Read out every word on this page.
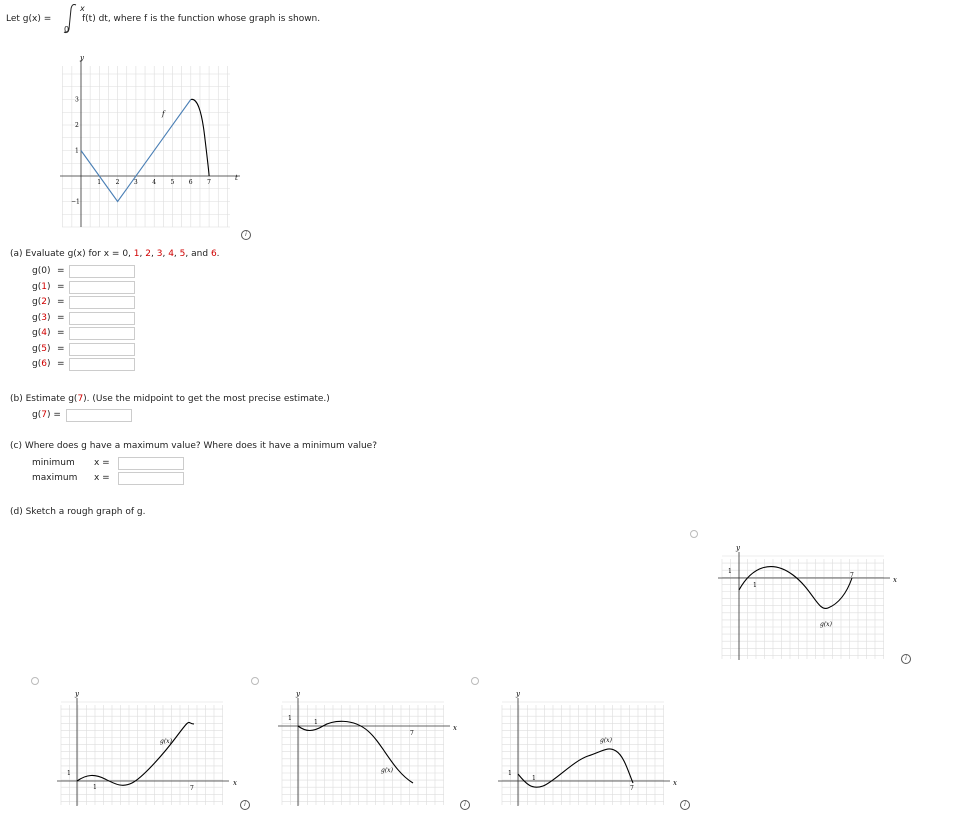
Let g(x) =
x
0
f(t) dt, where f is the function whose graph is shown.
y
t
f
1 2 3 4 5 6 7
3
2
1
−1
i
(a) Evaluate g(x) for x = 0, 1, 2, 3, 4, 5, and 6.
g(0) =
g(1) =
g(2) =
g(3) =
g(4) =
g(5) =
g(6) =
(b) Estimate g(7). (Use the midpoint to get the most precise estimate.)
g(7) =
(c) Where does g have a maximum value? Where does it have a minimum value?
minimum x =
maximum x =
(d) Sketch a rough graph of g.
y
1
1
7
x
g(x)
i
y
1
1	7
x
g(x)
i
y
1
1
7
x
g(x)
i
y
1
1
7
x
g(x)
i
